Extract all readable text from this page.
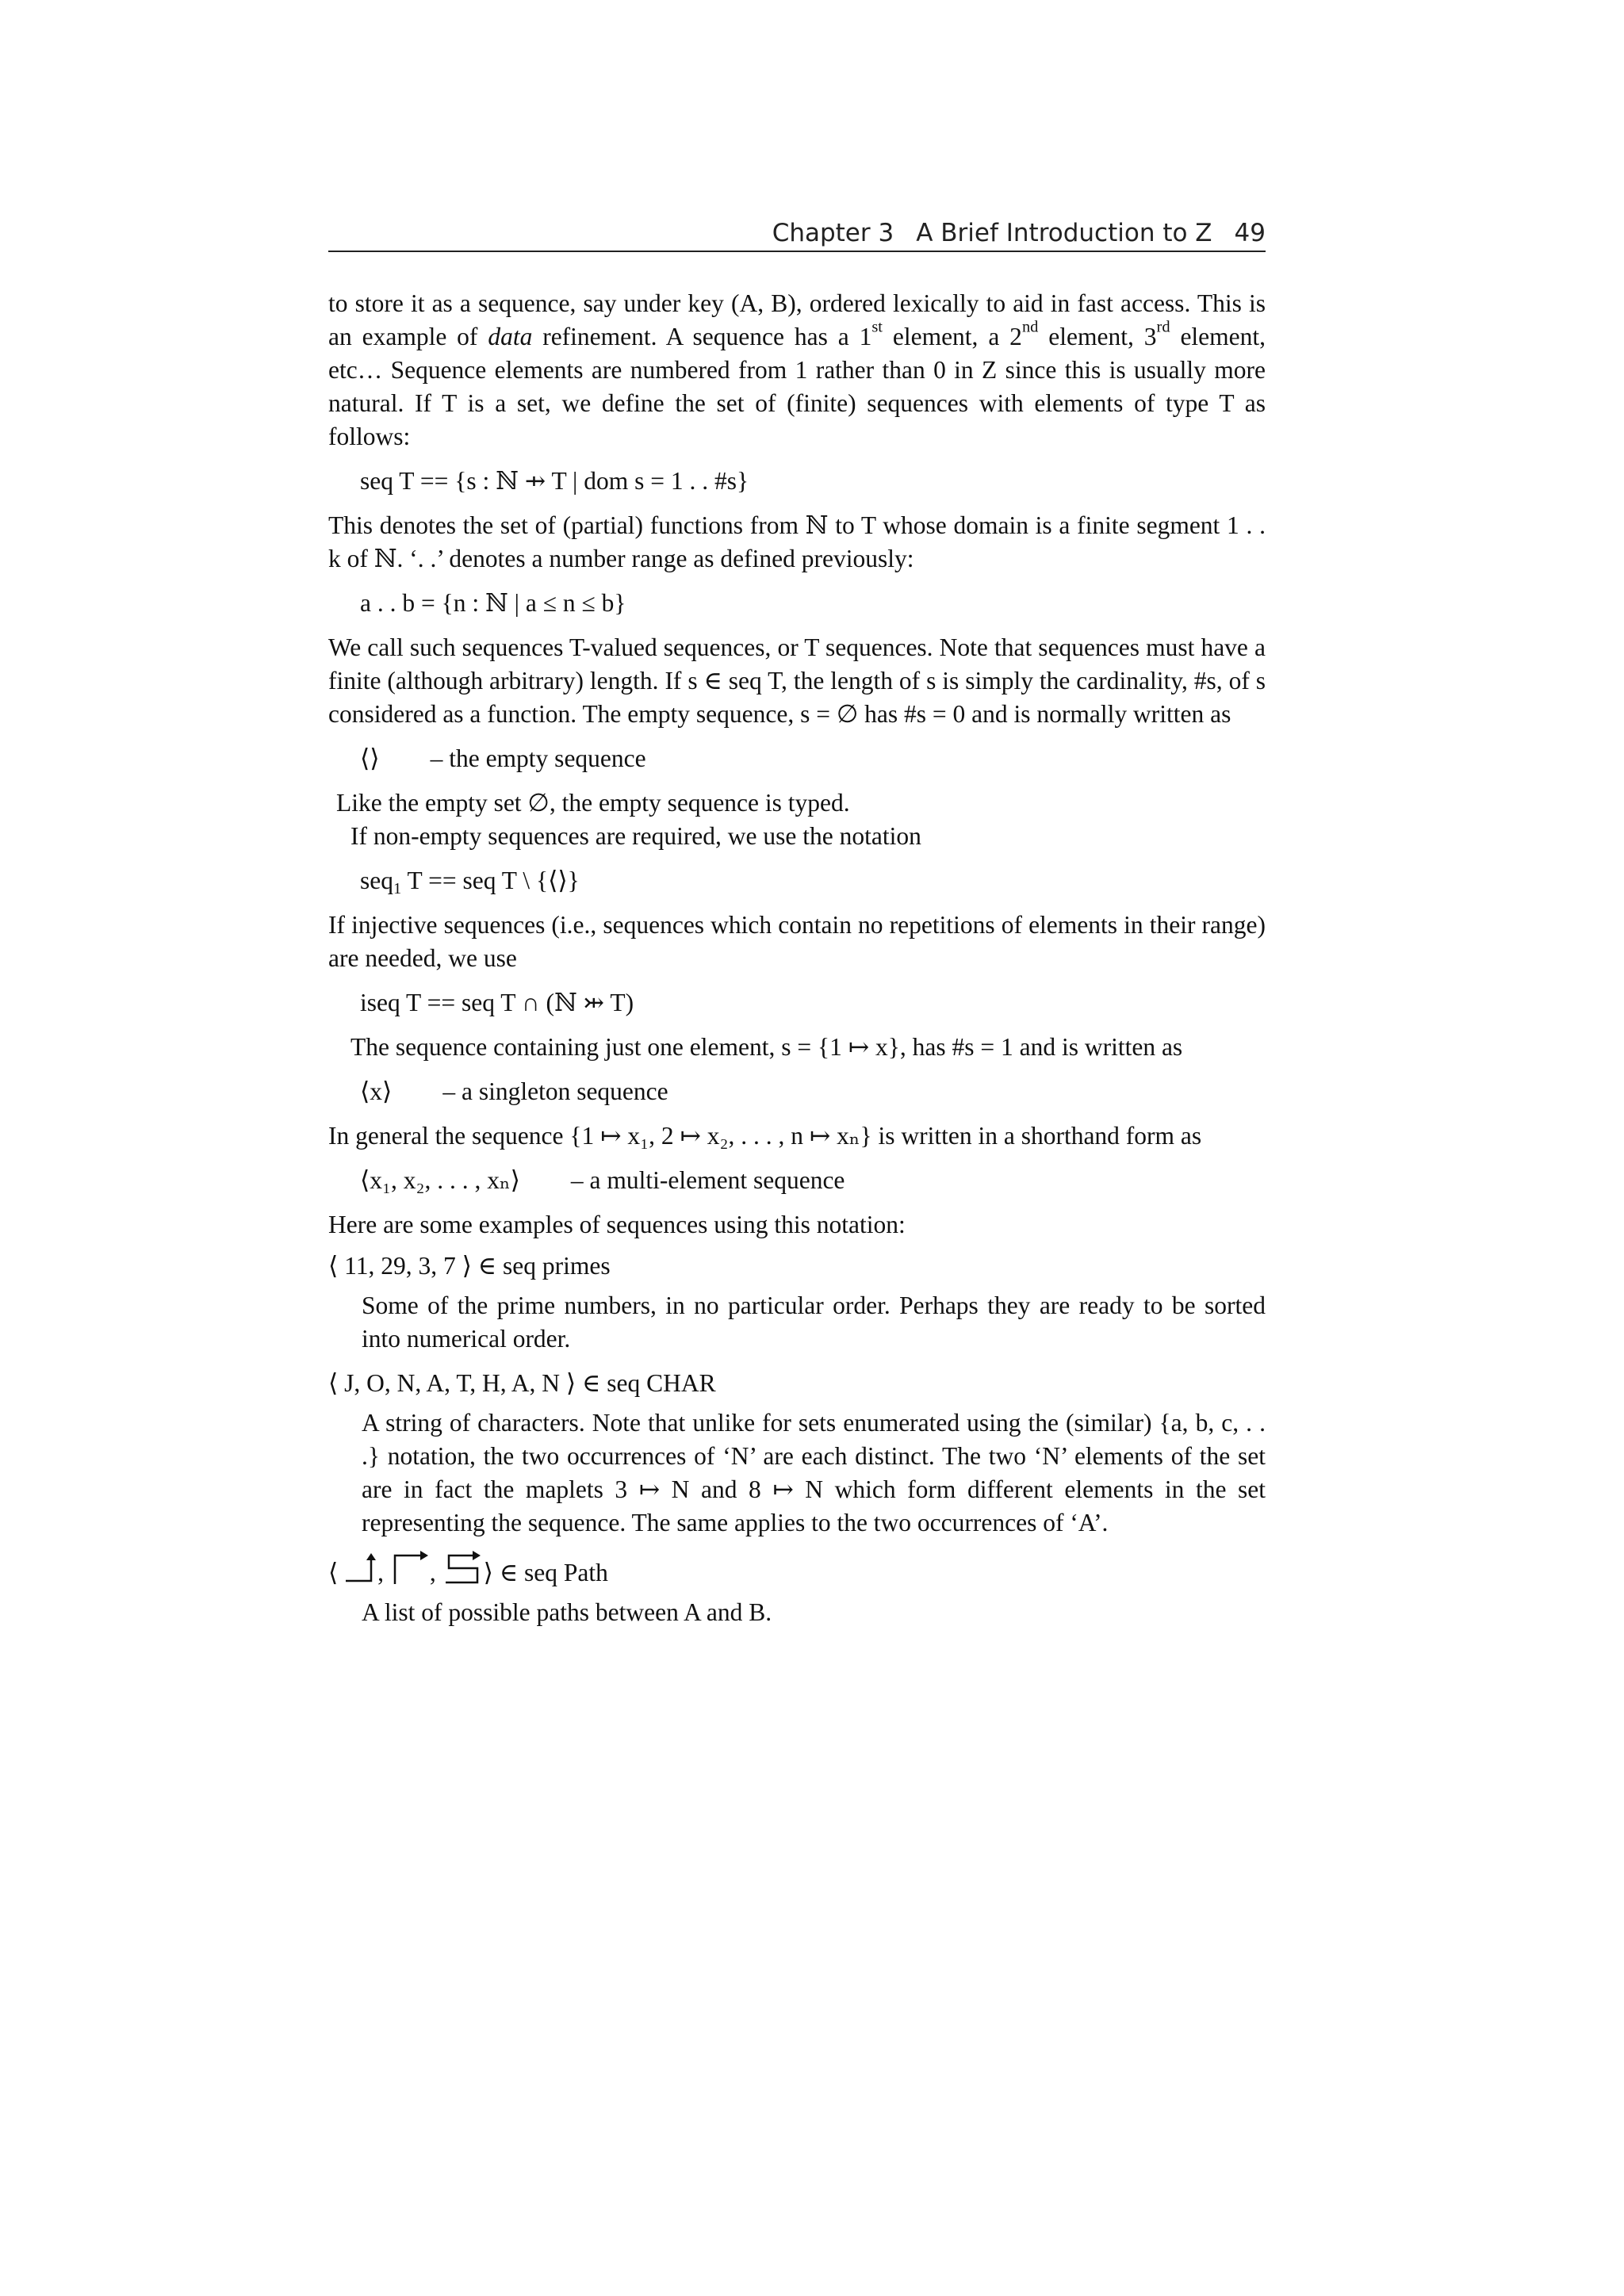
Chapter 3 A Brief Introduction to Z 49

to store it as a sequence, say under key (A, B), ordered lexically to aid in fast access. This is an example of data refinement. A sequence has a 1st element, a 2nd element, 3rd element, etc… Sequence elements are numbered from 1 rather than 0 in Z since this is usually more natural. If T is a set, we define the set of (finite) sequences with elements of type T as follows:

seq T == {s : ℕ ⇸ T | dom s = 1 . . #s}

This denotes the set of (partial) functions from ℕ to T whose domain is a finite segment 1 . . k of ℕ. ‘. .’ denotes a number range as defined previously:

a . . b = {n : ℕ | a ≤ n ≤ b}

We call such sequences T-valued sequences, or T sequences. Note that sequences must have a finite (although arbitrary) length. If s ∈ seq T, the length of s is simply the cardinality, #s, of s considered as a function. The empty sequence, s = ∅ has #s = 0 and is normally written as

⟨⟩ – the empty sequence

Like the empty set ∅, the empty sequence is typed.

If non-empty sequences are required, we use the notation

seq$_1$ T == seq T \ {⟨⟩}

If injective sequences (i.e., sequences which contain no repetitions of elements in their range) are needed, we use

iseq T == seq T ∩ (ℕ ⤔ T)

The sequence containing just one element, s = {1 ↦ x}, has #s = 1 and is written as

⟨x⟩ – a singleton sequence

In general the sequence {1 ↦ x₁, 2 ↦ x₂, . . . , n ↦ xₙ} is written in a shorthand form as

⟨x₁, x₂, . . . , xₙ⟩ – a multi-element sequence

Here are some examples of sequences using this notation:

⟨ 11, 29, 3, 7 ⟩ ∈ seq primes

Some of the prime numbers, in no particular order. Perhaps they are ready to be sorted into numerical order.

⟨ J, O, N, A, T, H, A, N ⟩ ∈ seq CHAR

A string of characters. Note that unlike for sets enumerated using the (similar) {a, b, c, . . .} notation, the two occurrences of ‘N’ are each distinct. The two ‘N’ elements of the set are in fact the maplets 3 ↦ N and 8 ↦ N which form different elements in the set representing the sequence. The same applies to the two occurrences of ‘A’.

⟨ , , ⟩ ∈ seq Path

A list of possible paths between A and B.
